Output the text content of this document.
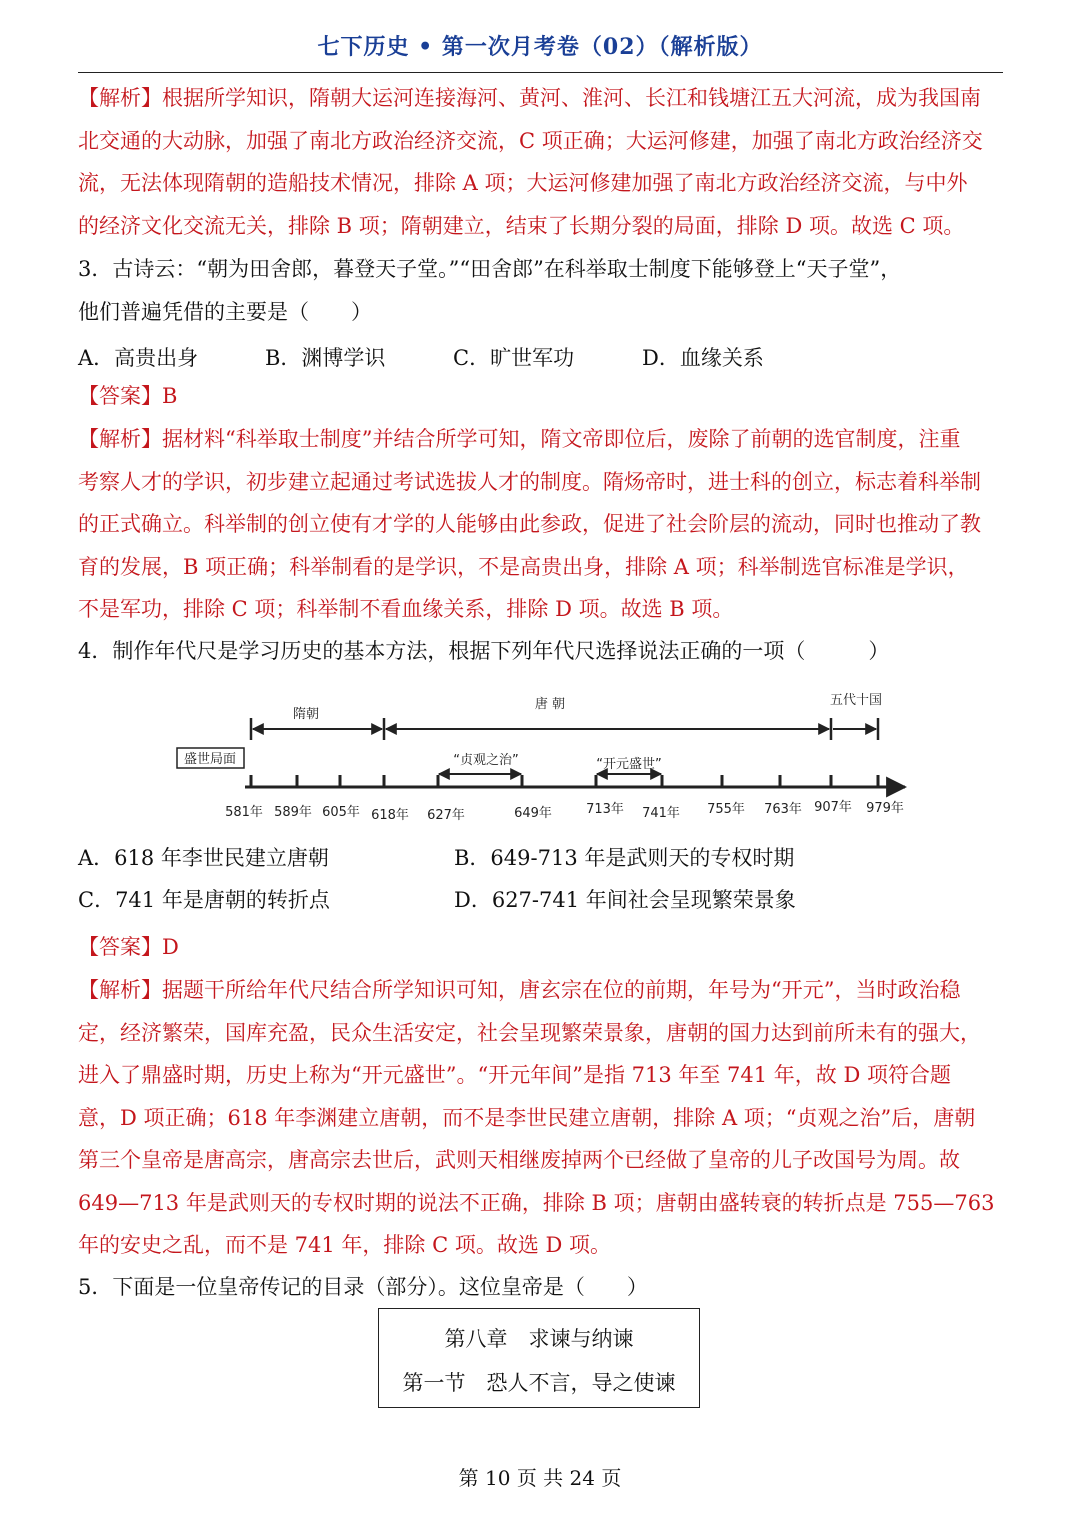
七下历史 • 第一次月考卷（02）（解析版）
【解析】根据所学知识，隋朝大运河连接海河、黄河、淮河、长江和钱塘江五大河流，成为我国南
北交通的大动脉，加强了南北方政治经济交流，C 项正确；大运河修建，加强了南北方政治经济交
流，无法体现隋朝的造船技术情况，排除 A 项；大运河修建加强了南北方政治经济交流，与中外
的经济文化交流无关，排除 B 项；隋朝建立，结束了长期分裂的局面，排除 D 项。故选 C 项。
3．古诗云：“朝为田舍郎，暮登天子堂。”“田舍郎”在科举取士制度下能够登上“天子堂”，
他们普遍凭借的主要是（　　）
A．高贵出身	B．渊博学识	C．旷世军功	D．血缘关系
【答案】B
【解析】据材料“科举取士制度”并结合所学可知，隋文帝即位后，废除了前朝的选官制度，注重
考察人才的学识，初步建立起通过考试选拔人才的制度。隋炀帝时，进士科的创立，标志着科举制
的正式确立。科举制的创立使有才学的人能够由此参政，促进了社会阶层的流动，同时也推动了教
育的发展，B 项正确；科举制看的是学识，不是高贵出身，排除 A 项；科举制选官标准是学识，
不是军功，排除 C 项；科举制不看血缘关系，排除 D 项。故选 B 项。
4．制作年代尺是学习历史的基本方法，根据下列年代尺选择说法正确的一项（　　　）
盛世局面
隋朝
唐 朝	五代十国
“贞观之治”	“开元盛世”
581年 589年 605年 618年 627年	649年	713年 741年 755年 763年 907年 979年
A．618 年李世民建立唐朝	B．649-713 年是武则天的专权时期
C．741 年是唐朝的转折点	D．627-741 年间社会呈现繁荣景象
【答案】D
【解析】据题干所给年代尺结合所学知识可知，唐玄宗在位的前期，年号为“开元”，当时政治稳
定，经济繁荣，国库充盈，民众生活安定，社会呈现繁荣景象，唐朝的国力达到前所未有的强大，
进入了鼎盛时期，历史上称为“开元盛世”。“开元年间”是指 713 年至 741 年，故 D 项符合题
意，D 项正确；618 年李渊建立唐朝，而不是李世民建立唐朝，排除 A 项；“贞观之治”后，唐朝
第三个皇帝是唐高宗，唐高宗去世后，武则天相继废掉两个已经做了皇帝的儿子改国号为周。故
649—713 年是武则天的专权时期的说法不正确，排除 B 项；唐朝由盛转衰的转折点是 755—763
年的安史之乱，而不是 741 年，排除 C 项。故选 D 项。
5．下面是一位皇帝传记的目录（部分）。这位皇帝是（　　）
第八章　求谏与纳谏
第一节　恐人不言，导之使谏
第 10 页 共 24 页
